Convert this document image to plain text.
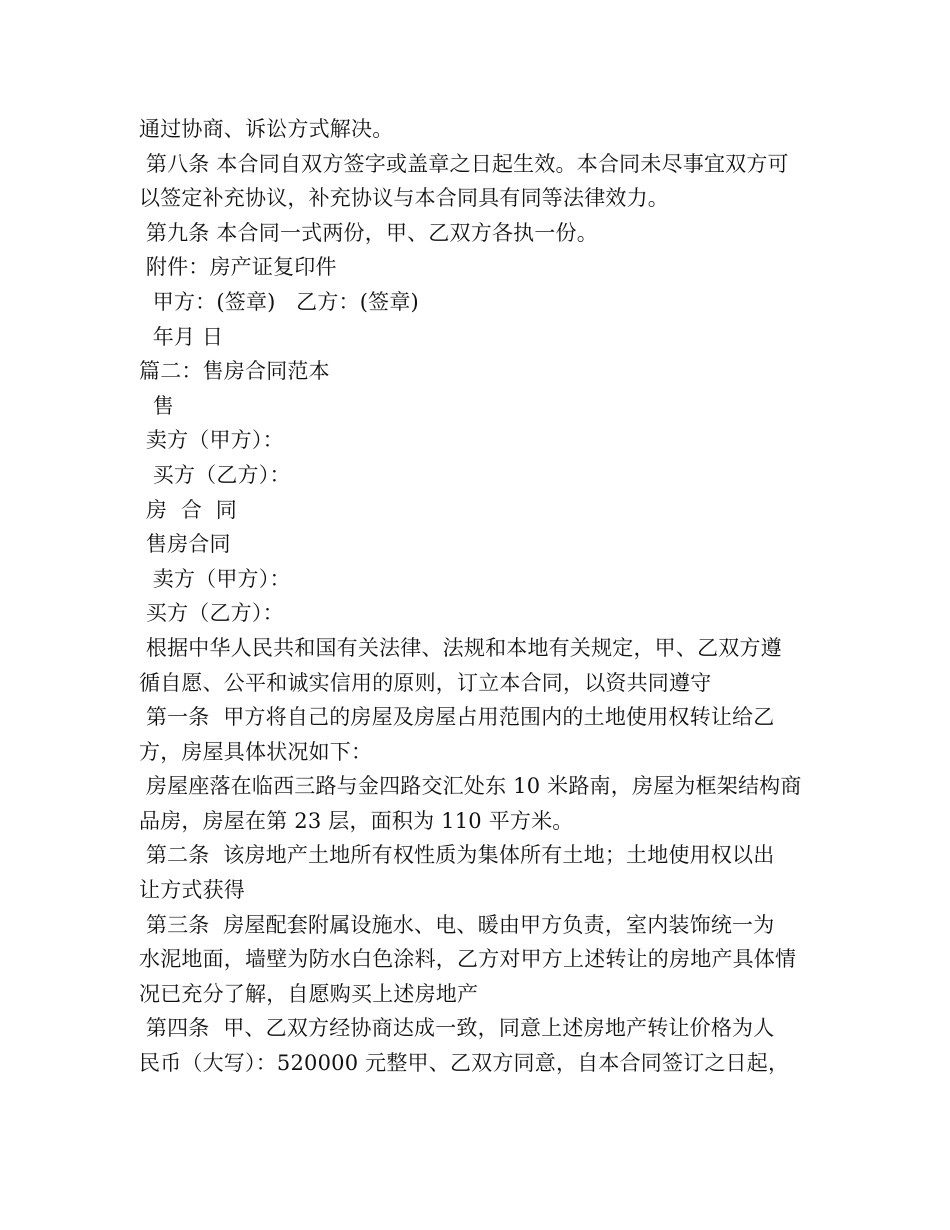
通过协商、诉讼方式解决。
第八条 本合同自双方签字或盖章之日起生效。本合同未尽事宜双方可
以签定补充协议，补充协议与本合同具有同等法律效力。
第九条 本合同一式两份，甲、乙双方各执一份。
附件：房产证复印件
甲方：(签章)   乙方：(签章)
年月 日
篇二：售房合同范本
售
卖方（甲方）：
买方（乙方）：
房  合  同
售房合同
卖方（甲方）：
买方（乙方）：
根据中华人民共和国有关法律、法规和本地有关规定，甲、乙双方遵
循自愿、公平和诚实信用的原则，订立本合同，以资共同遵守
第一条  甲方将自己的房屋及房屋占用范围内的土地使用权转让给乙
方，房屋具体状况如下：
房屋座落在临西三路与金四路交汇处东 10 米路南，房屋为框架结构商
品房，房屋在第 23 层，面积为 110 平方米。
第二条  该房地产土地所有权性质为集体所有土地；土地使用权以出
让方式获得
第三条  房屋配套附属设施水、电、暖由甲方负责，室内装饰统一为
水泥地面，墙壁为防水白色涂料，乙方对甲方上述转让的房地产具体情
况已充分了解，自愿购买上述房地产
第四条  甲、乙双方经协商达成一致，同意上述房地产转让价格为人
民币（大写）：520000 元整甲、乙双方同意，自本合同签订之日起，
